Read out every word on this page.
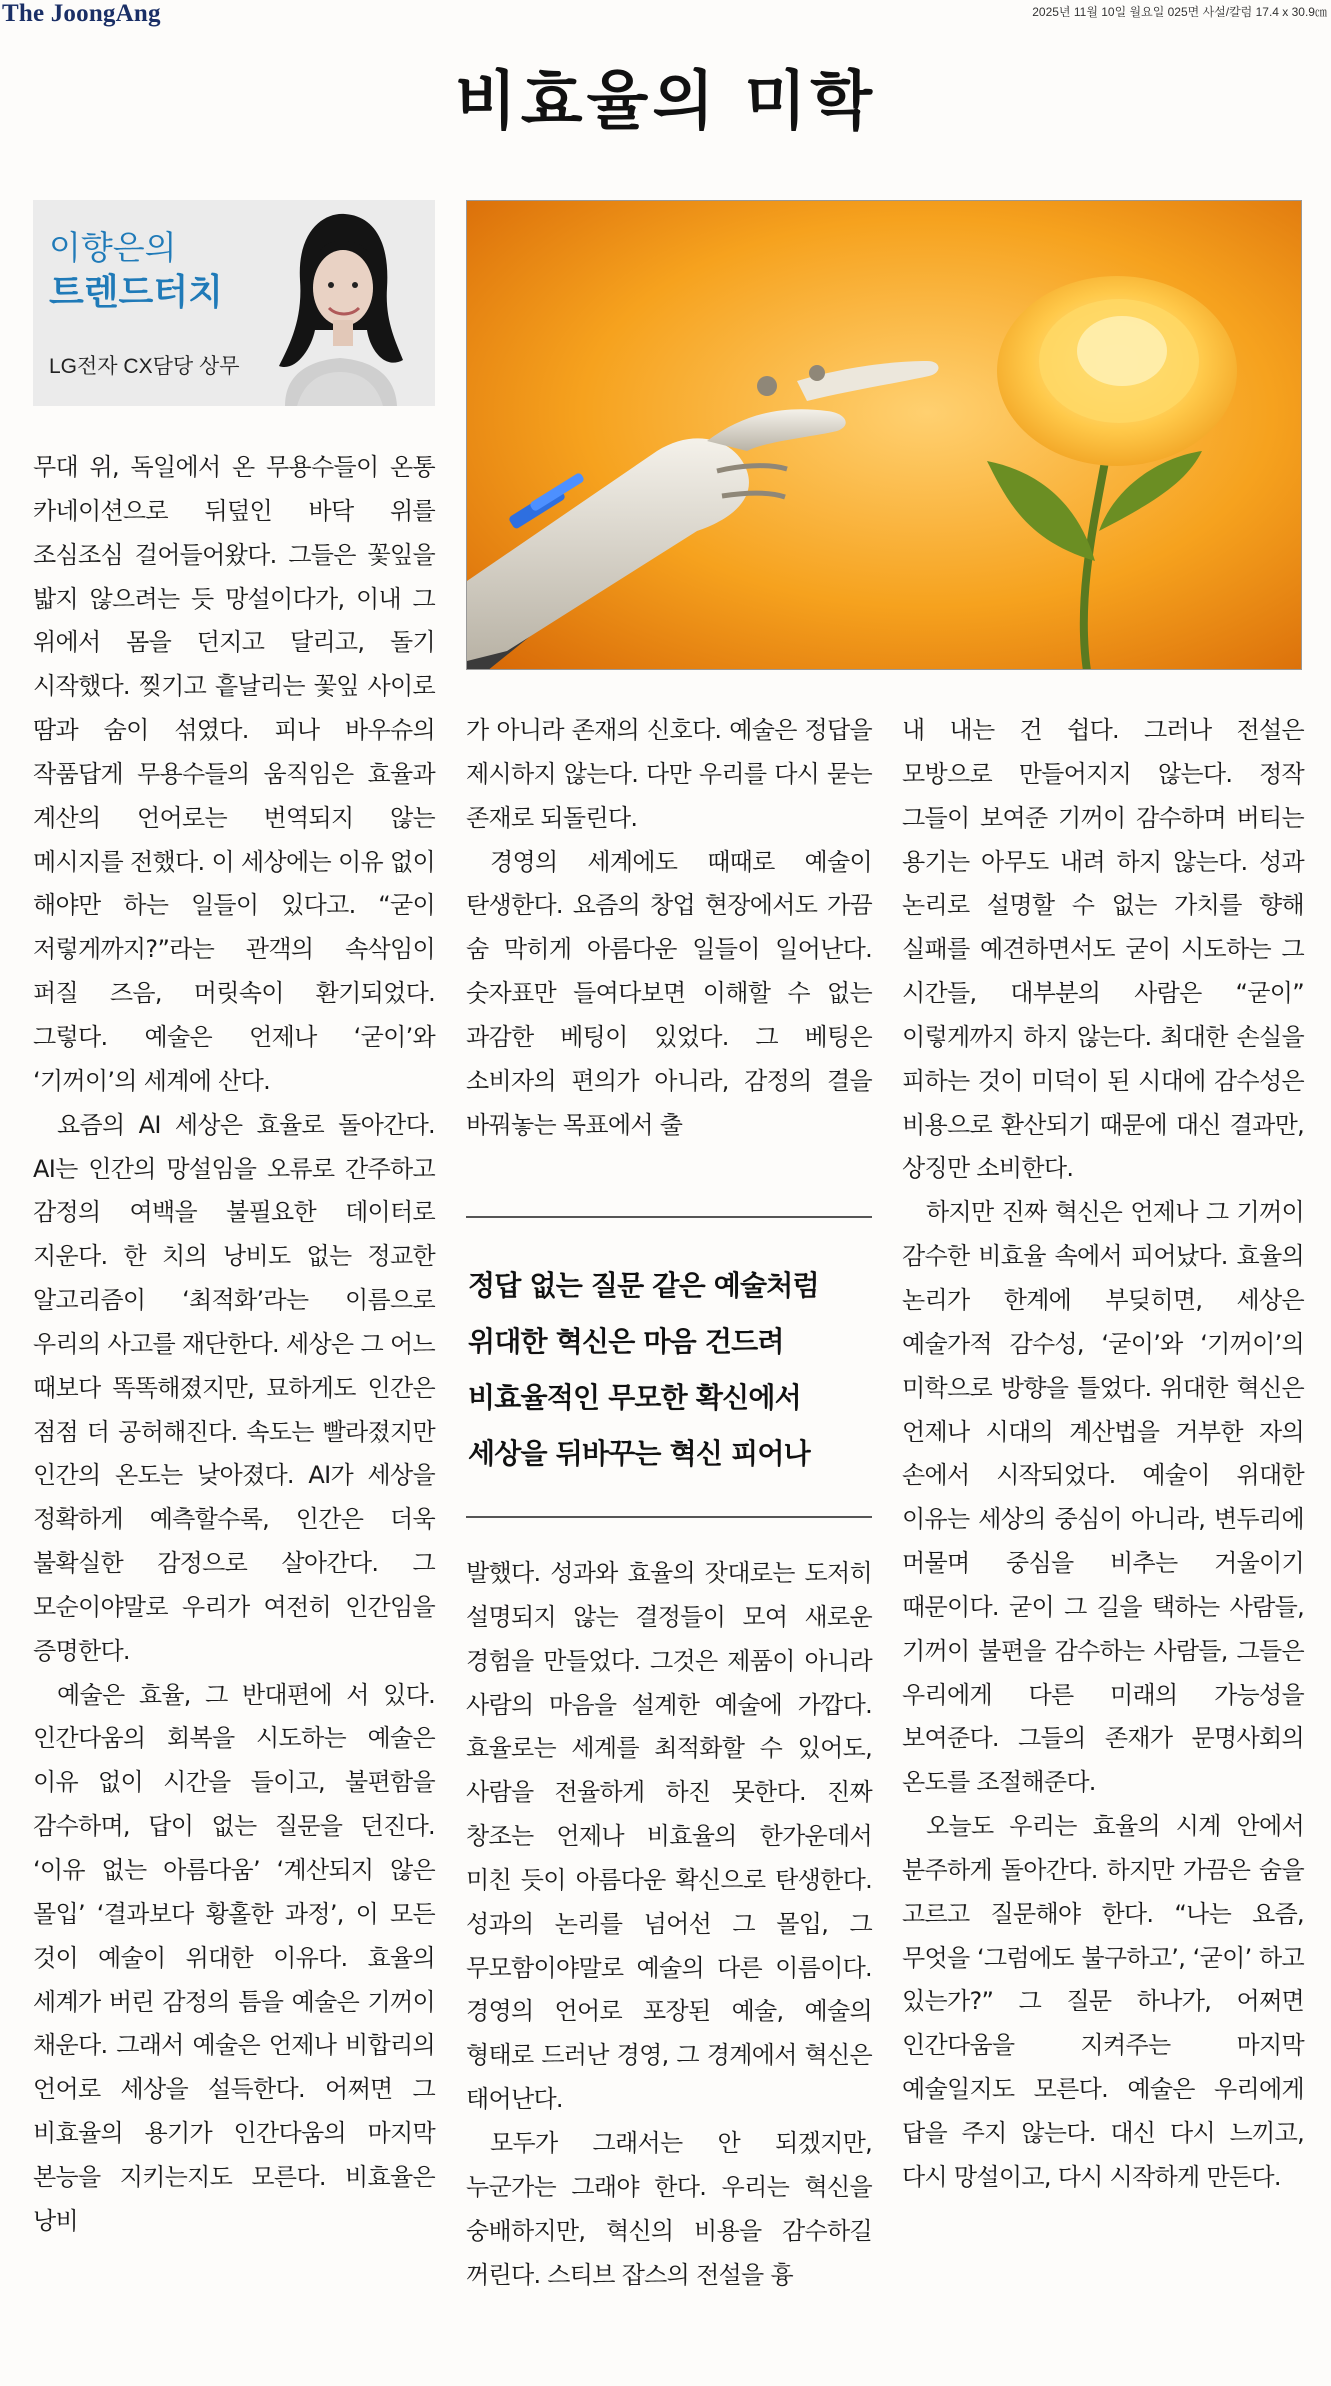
The JoongAng	2025년 11월 10일 월요일 025면 사설/칼럼 17.4 x 30.9㎝
비효율의 미학
이향은의
트렌드터치
LG전자 CX담당 상무

무대 위, 독일에서 온 무용수들이 온통 카네이션으로 뒤덮인 바닥 위를 조심조심 걸어들어왔다. 그들은 꽃잎을 밟지 않으려는 듯 망설이다가, 이내 그 위에서 몸을 던지고 달리고, 돌기 시작했다. 찢기고 흩날리는 꽃잎 사이로 땀과 숨이 섞였다. 피나 바우슈의 작품답게 무용수들의 움직임은 효율과 계산의 언어로는 번역되지 않는 메시지를 전했다. 이 세상에는 이유 없이 해야만 하는 일들이 있다고. “굳이 저렇게까지?”라는 관객의 속삭임이 퍼질 즈음, 머릿속이 환기되었다. 그렇다. 예술은 언제나 ‘굳이’와 ‘기꺼이’의 세계에 산다.

요즘의 AI 세상은 효율로 돌아간다. AI는 인간의 망설임을 오류로 간주하고 감정의 여백을 불필요한 데이터로 지운다. 한 치의 낭비도 없는 정교한 알고리즘이 ‘최적화’라는 이름으로 우리의 사고를 재단한다. 세상은 그 어느 때보다 똑똑해졌지만, 묘하게도 인간은 점점 더 공허해진다. 속도는 빨라졌지만 인간의 온도는 낮아졌다. AI가 세상을 정확하게 예측할수록, 인간은 더욱 불확실한 감정으로 살아간다. 그 모순이야말로 우리가 여전히 인간임을 증명한다.

예술은 효율, 그 반대편에 서 있다. 인간다움의 회복을 시도하는 예술은 이유 없이 시간을 들이고, 불편함을 감수하며, 답이 없는 질문을 던진다. ‘이유 없는 아름다움’ ‘계산되지 않은 몰입’ ‘결과보다 황홀한 과정’, 이 모든 것이 예술이 위대한 이유다. 효율의 세계가 버린 감정의 틈을 예술은 기꺼이 채운다. 그래서 예술은 언제나 비합리의 언어로 세상을 설득한다. 어쩌면 그 비효율의 용기가 인간다움의 마지막 본능을 지키는지도 모른다. 비효율은 낭비

가 아니라 존재의 신호다. 예술은 정답을 제시하지 않는다. 다만 우리를 다시 묻는 존재로 되돌린다.

경영의 세계에도 때때로 예술이 탄생한다. 요즘의 창업 현장에서도 가끔 숨 막히게 아름다운 일들이 일어난다. 숫자표만 들여다보면 이해할 수 없는 과감한 베팅이 있었다. 그 베팅은 소비자의 편의가 아니라, 감정의 결을 바꿔놓는 목표에서 출

정답 없는 질문 같은 예술처럼
위대한 혁신은 마음 건드려
비효율적인 무모한 확신에서
세상을 뒤바꾸는 혁신 피어나

발했다. 성과와 효율의 잣대로는 도저히 설명되지 않는 결정들이 모여 새로운 경험을 만들었다. 그것은 제품이 아니라 사람의 마음을 설계한 예술에 가깝다. 효율로는 세계를 최적화할 수 있어도, 사람을 전율하게 하진 못한다. 진짜 창조는 언제나 비효율의 한가운데서 미친 듯이 아름다운 확신으로 탄생한다. 성과의 논리를 넘어선 그 몰입, 그 무모함이야말로 예술의 다른 이름이다. 경영의 언어로 포장된 예술, 예술의 형태로 드러난 경영, 그 경계에서 혁신은 태어난다.

모두가 그래서는 안 되겠지만, 누군가는 그래야 한다. 우리는 혁신을 숭배하지만, 혁신의 비용을 감수하길 꺼린다. 스티브 잡스의 전설을 흉

내 내는 건 쉽다. 그러나 전설은 모방으로 만들어지지 않는다. 정작 그들이 보여준 기꺼이 감수하며 버티는 용기는 아무도 내려 하지 않는다. 성과 논리로 설명할 수 없는 가치를 향해 실패를 예견하면서도 굳이 시도하는 그 시간들, 대부분의 사람은 “굳이” 이렇게까지 하지 않는다. 최대한 손실을 피하는 것이 미덕이 된 시대에 감수성은 비용으로 환산되기 때문에 대신 결과만, 상징만 소비한다.

하지만 진짜 혁신은 언제나 그 기꺼이 감수한 비효율 속에서 피어났다. 효율의 논리가 한계에 부딪히면, 세상은 예술가적 감수성, ‘굳이’와 ‘기꺼이’의 미학으로 방향을 틀었다. 위대한 혁신은 언제나 시대의 계산법을 거부한 자의 손에서 시작되었다. 예술이 위대한 이유는 세상의 중심이 아니라, 변두리에 머물며 중심을 비추는 거울이기 때문이다. 굳이 그 길을 택하는 사람들, 기꺼이 불편을 감수하는 사람들, 그들은 우리에게 다른 미래의 가능성을 보여준다. 그들의 존재가 문명사회의 온도를 조절해준다.

오늘도 우리는 효율의 시계 안에서 분주하게 돌아간다. 하지만 가끔은 숨을 고르고 질문해야 한다. “나는 요즘, 무엇을 ‘그럼에도 불구하고’, ‘굳이’ 하고 있는가?” 그 질문 하나가, 어쩌면 인간다움을 지켜주는 마지막 예술일지도 모른다. 예술은 우리에게 답을 주지 않는다. 대신 다시 느끼고, 다시 망설이고, 다시 시작하게 만든다.
